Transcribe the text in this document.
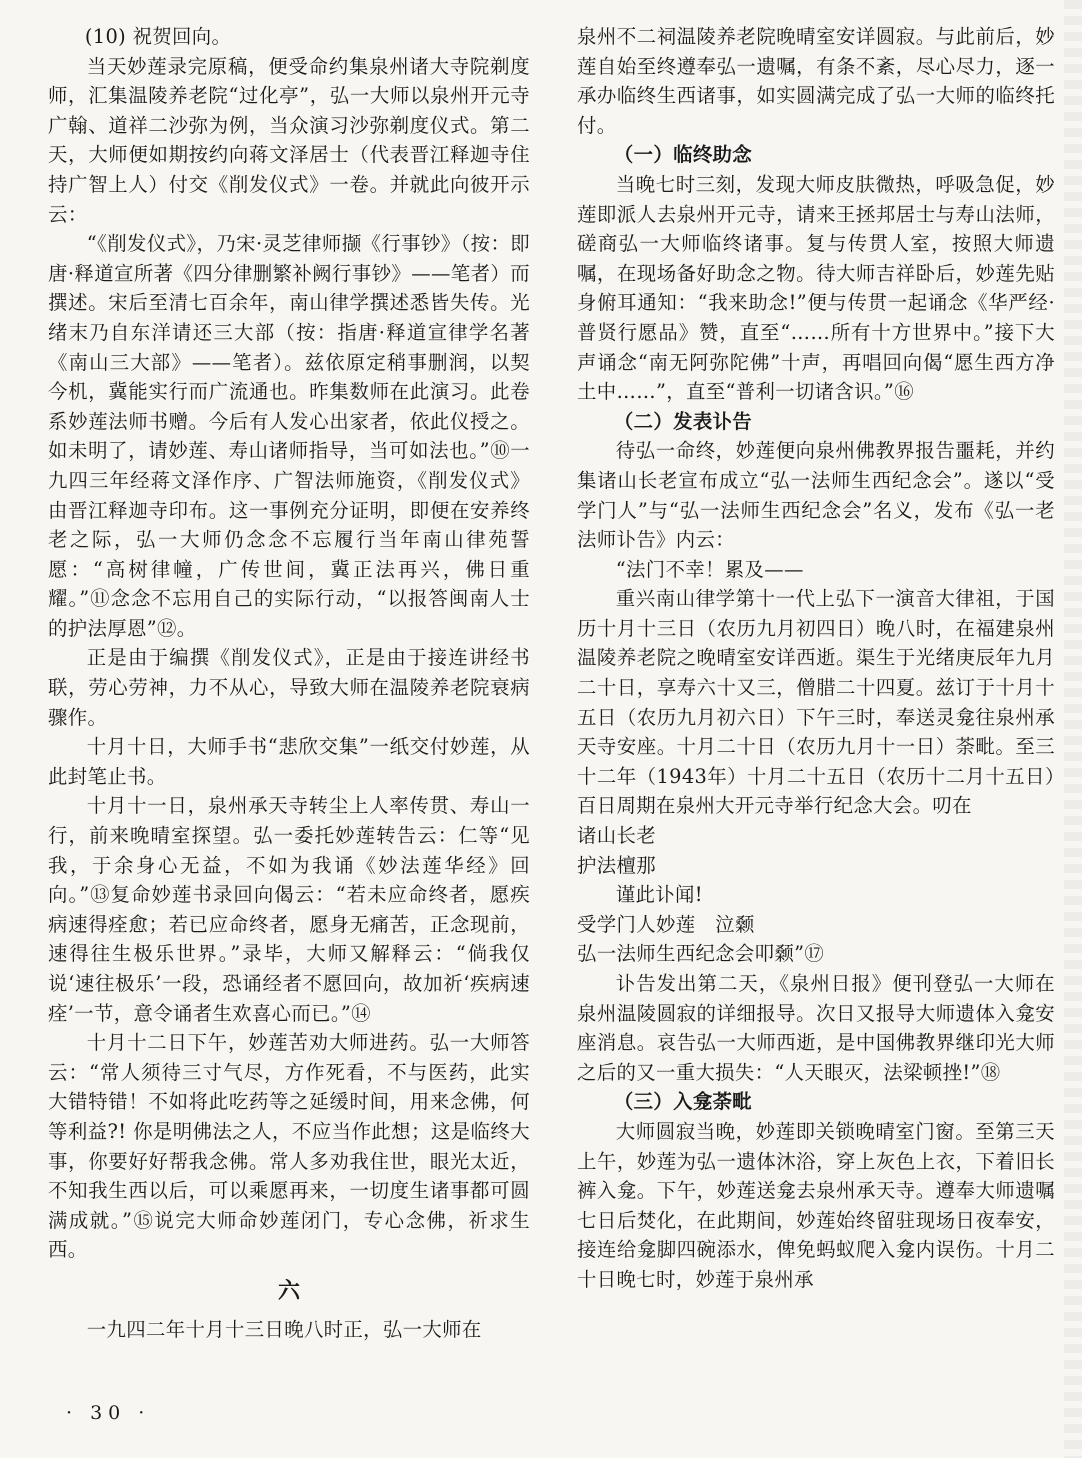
(10) 祝贺回向。

当天妙莲录完原稿，便受命约集泉州诸大寺院剃度师，汇集温陵养老院“过化亭”，弘一大师以泉州开元寺广翰、道祥二沙弥为例，当众演习沙弥剃度仪式。第二天，大师便如期按约向蒋文泽居士（代表晋江释迦寺住持广智上人）付交《削发仪式》一卷。并就此向彼开示云：

“《削发仪式》，乃宋·灵芝律师撷《行事钞》（按：即唐·释道宣所著《四分律删繁补阙行事钞》——笔者）而撰述。宋后至清七百余年，南山律学撰述悉皆失传。光绪末乃自东洋请还三大部（按：指唐·释道宣律学名著《南山三大部》——笔者）。兹依原定稍事删润，以契今机，冀能实行而广流通也。昨集数师在此演习。此卷系妙莲法师书赠。今后有人发心出家者，依此仪授之。如未明了，请妙莲、寿山诸师指导，当可如法也。”⑩一九四三年经蒋文泽作序、广智法师施资，《削发仪式》由晋江释迦寺印布。这一事例充分证明，即便在安养终老之际，弘一大师仍念念不忘履行当年南山律苑誓愿：“高树律幢，广传世间，冀正法再兴，佛日重耀。”⑪念念不忘用自己的实际行动，“以报答闽南人士的护法厚恩”⑫。

正是由于编撰《削发仪式》，正是由于接连讲经书联，劳心劳神，力不从心，导致大师在温陵养老院衰病骤作。

十月十日，大师手书“悲欣交集”一纸交付妙莲，从此封笔止书。

十月十一日，泉州承天寺转尘上人率传贯、寿山一行，前来晚晴室探望。弘一委托妙莲转告云：仁等“见我，于余身心无益，不如为我诵《妙法莲华经》回向。”⑬复命妙莲书录回向偈云：“若未应命终者，愿疾病速得痊愈；若已应命终者，愿身无痛苦，正念现前，速得往生极乐世界。”录毕，大师又解释云：“倘我仅说‘速往极乐’一段，恐诵经者不愿回向，故加祈‘疾病速痊’一节，意令诵者生欢喜心而已。”⑭

十月十二日下午，妙莲苦劝大师进药。弘一大师答云：“常人须待三寸气尽，方作死看，不与医药，此实大错特错！不如将此吃药等之延缓时间，用来念佛，何等利益?! 你是明佛法之人，不应当作此想；这是临终大事，你要好好帮我念佛。常人多劝我住世，眼光太近，不知我生西以后，可以乘愿再来，一切度生诸事都可圆满成就。”⑮说完大师命妙莲闭门，专心念佛，祈求生西。

六

一九四二年十月十三日晚八时正，弘一大师在

泉州不二祠温陵养老院晚晴室安详圆寂。与此前后，妙莲自始至终遵奉弘一遗嘱，有条不紊，尽心尽力，逐一承办临终生西诸事，如实圆满完成了弘一大师的临终托付。

（一）临终助念

当晚七时三刻，发现大师皮肤微热，呼吸急促，妙莲即派人去泉州开元寺，请来王拯邦居士与寿山法师，磋商弘一大师临终诸事。复与传贯人室，按照大师遗嘱，在现场备好助念之物。待大师吉祥卧后，妙莲先贴身俯耳通知：“我来助念!”便与传贯一起诵念《华严经·普贤行愿品》赞，直至“……所有十方世界中。”接下大声诵念“南无阿弥陀佛”十声，再唱回向偈“愿生西方净土中……”，直至“普利一切诸含识。”⑯

（二）发表讣告

待弘一命终，妙莲便向泉州佛教界报告噩耗，并约集诸山长老宣布成立“弘一法师生西纪念会”。遂以“受学门人”与“弘一法师生西纪念会”名义，发布《弘一老法师讣告》内云：

“法门不幸！累及——

重兴南山律学第十一代上弘下一演音大律祖，于国历十月十三日（农历九月初四日）晚八时，在福建泉州温陵养老院之晚晴室安详西逝。渠生于光绪庚辰年九月二十日，享寿六十又三，僧腊二十四夏。兹订于十月十五日（农历九月初六日）下午三时，奉送灵龛往泉州承天寺安座。十月二十日（农历九月十一日）荼毗。至三十二年（1943年）十月二十五日（农历十二月十五日）百日周期在泉州大开元寺举行纪念大会。叨在

诸山长老
护法檀那

谨此讣闻!

受学门人妙莲　泣颡
弘一法师生西纪念会叩颡”⑰

讣告发出第二天，《泉州日报》便刊登弘一大师在泉州温陵圆寂的详细报导。次日又报导大师遗体入龛安座消息。哀告弘一大师西逝，是中国佛教界继印光大师之后的又一重大损失：“人天眼灭，法梁顿挫!”⑱

（三）入龛荼毗

大师圆寂当晚，妙莲即关锁晚晴室门窗。至第三天上午，妙莲为弘一遗体沐浴，穿上灰色上衣，下着旧长裤入龛。下午，妙莲送龛去泉州承天寺。遵奉大师遗嘱七日后焚化，在此期间，妙莲始终留驻现场日夜奉安，接连给龛脚四碗添水，俾免蚂蚁爬入龛内误伤。十月二十日晚七时，妙莲于泉州承

· 30 ·
